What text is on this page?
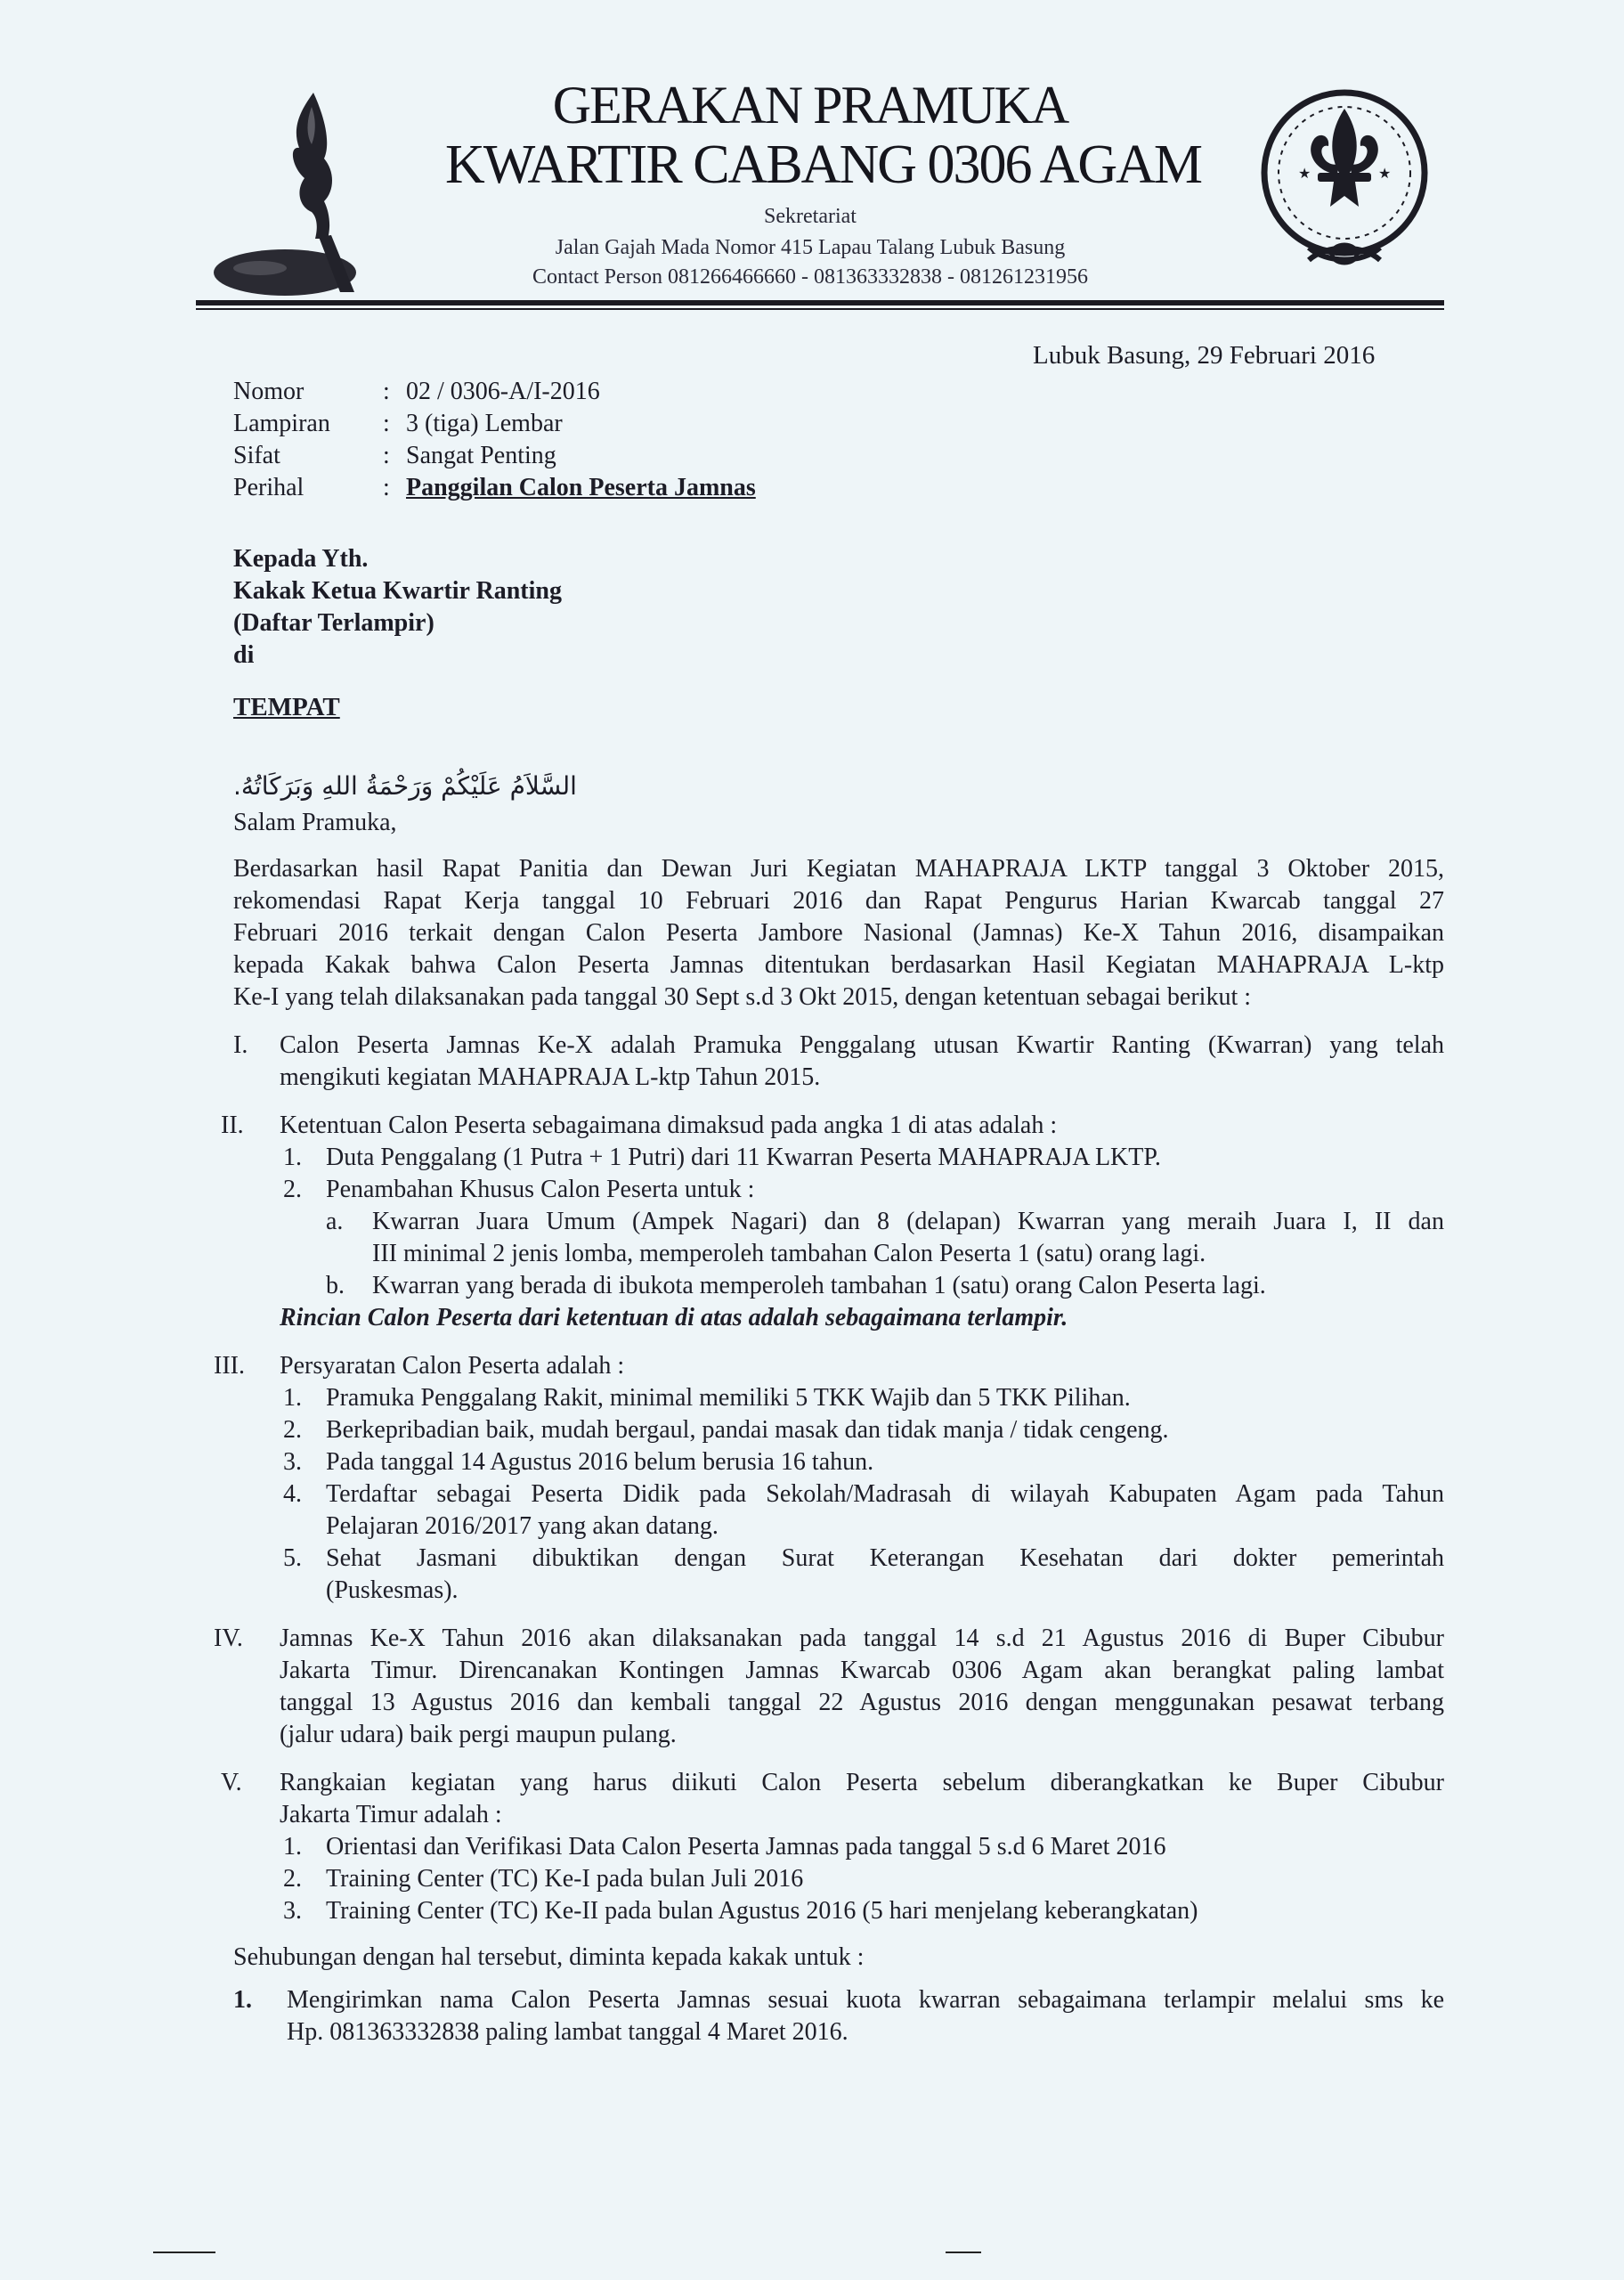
★	★
GERAKAN PRAMUKA
KWARTIR CABANG 0306 AGAM
Sekretariat
Jalan Gajah Mada Nomor 415 Lapau Talang Lubuk Basung
Contact Person 081266466660 - 081363332838 - 081261231956
Lubuk Basung, 29 Februari 2016
Nomor	: 02 / 0306-A/I-2016
Lampiran : 3 (tiga) Lembar
Sifat	: Sangat Penting
Perihal	: Panggilan Calon Peserta Jamnas
Kepada Yth.
Kakak Ketua Kwartir Ranting
(Daftar Terlampir)
di
TEMPAT
السَّلاَمُ عَلَيْكُمْ وَرَحْمَةُ اللهِ وَبَرَكَاتُهُ.
Salam Pramuka,
Berdasarkan hasil Rapat Panitia dan Dewan Juri Kegiatan MAHAPRAJA LKTP tanggal 3 Oktober 2015,
rekomendasi Rapat Kerja tanggal 10 Februari 2016 dan Rapat Pengurus Harian Kwarcab tanggal 27
Februari 2016 terkait dengan Calon Peserta Jambore Nasional (Jamnas) Ke-X Tahun 2016, disampaikan
kepada Kakak bahwa Calon Peserta Jamnas ditentukan berdasarkan Hasil Kegiatan MAHAPRAJA L-ktp
Ke-I yang telah dilaksanakan pada tanggal 30 Sept s.d 3 Okt 2015, dengan ketentuan sebagai berikut :
I. Calon Peserta Jamnas Ke-X adalah Pramuka Penggalang utusan Kwartir Ranting (Kwarran) yang telah
mengikuti kegiatan MAHAPRAJA L-ktp Tahun 2015.
II. Ketentuan Calon Peserta sebagaimana dimaksud pada angka 1 di atas adalah :
1. Duta Penggalang (1 Putra + 1 Putri) dari 11 Kwarran Peserta MAHAPRAJA LKTP.
2. Penambahan Khusus Calon Peserta untuk :
a. Kwarran Juara Umum (Ampek Nagari) dan 8 (delapan) Kwarran yang meraih Juara I, II dan
III minimal 2 jenis lomba, memperoleh tambahan Calon Peserta 1 (satu) orang lagi.
b. Kwarran yang berada di ibukota memperoleh tambahan 1 (satu) orang Calon Peserta lagi.
Rincian Calon Peserta dari ketentuan di atas adalah sebagaimana terlampir.
III. Persyaratan Calon Peserta adalah :
1. Pramuka Penggalang Rakit, minimal memiliki 5 TKK Wajib dan 5 TKK Pilihan.
2. Berkepribadian baik, mudah bergaul, pandai masak dan tidak manja / tidak cengeng.
3. Pada tanggal 14 Agustus 2016 belum berusia 16 tahun.
4. Terdaftar sebagai Peserta Didik pada Sekolah/Madrasah di wilayah Kabupaten Agam pada Tahun
Pelajaran 2016/2017 yang akan datang.
5. Sehat Jasmani dibuktikan dengan Surat Keterangan Kesehatan dari dokter pemerintah
(Puskesmas).
IV. Jamnas Ke-X Tahun 2016 akan dilaksanakan pada tanggal 14 s.d 21 Agustus 2016 di Buper Cibubur
Jakarta Timur. Direncanakan Kontingen Jamnas Kwarcab 0306 Agam akan berangkat paling lambat
tanggal 13 Agustus 2016 dan kembali tanggal 22 Agustus 2016 dengan menggunakan pesawat terbang
(jalur udara) baik pergi maupun pulang.
V. Rangkaian kegiatan yang harus diikuti Calon Peserta sebelum diberangkatkan ke Buper Cibubur
Jakarta Timur adalah :
1. Orientasi dan Verifikasi Data Calon Peserta Jamnas pada tanggal 5 s.d 6 Maret 2016
2. Training Center (TC) Ke-I pada bulan Juli 2016
3. Training Center (TC) Ke-II pada bulan Agustus 2016 (5 hari menjelang keberangkatan)
Sehubungan dengan hal tersebut, diminta kepada kakak untuk :
1. Mengirimkan nama Calon Peserta Jamnas sesuai kuota kwarran sebagaimana terlampir melalui sms ke
Hp. 081363332838 paling lambat tanggal 4 Maret 2016.
